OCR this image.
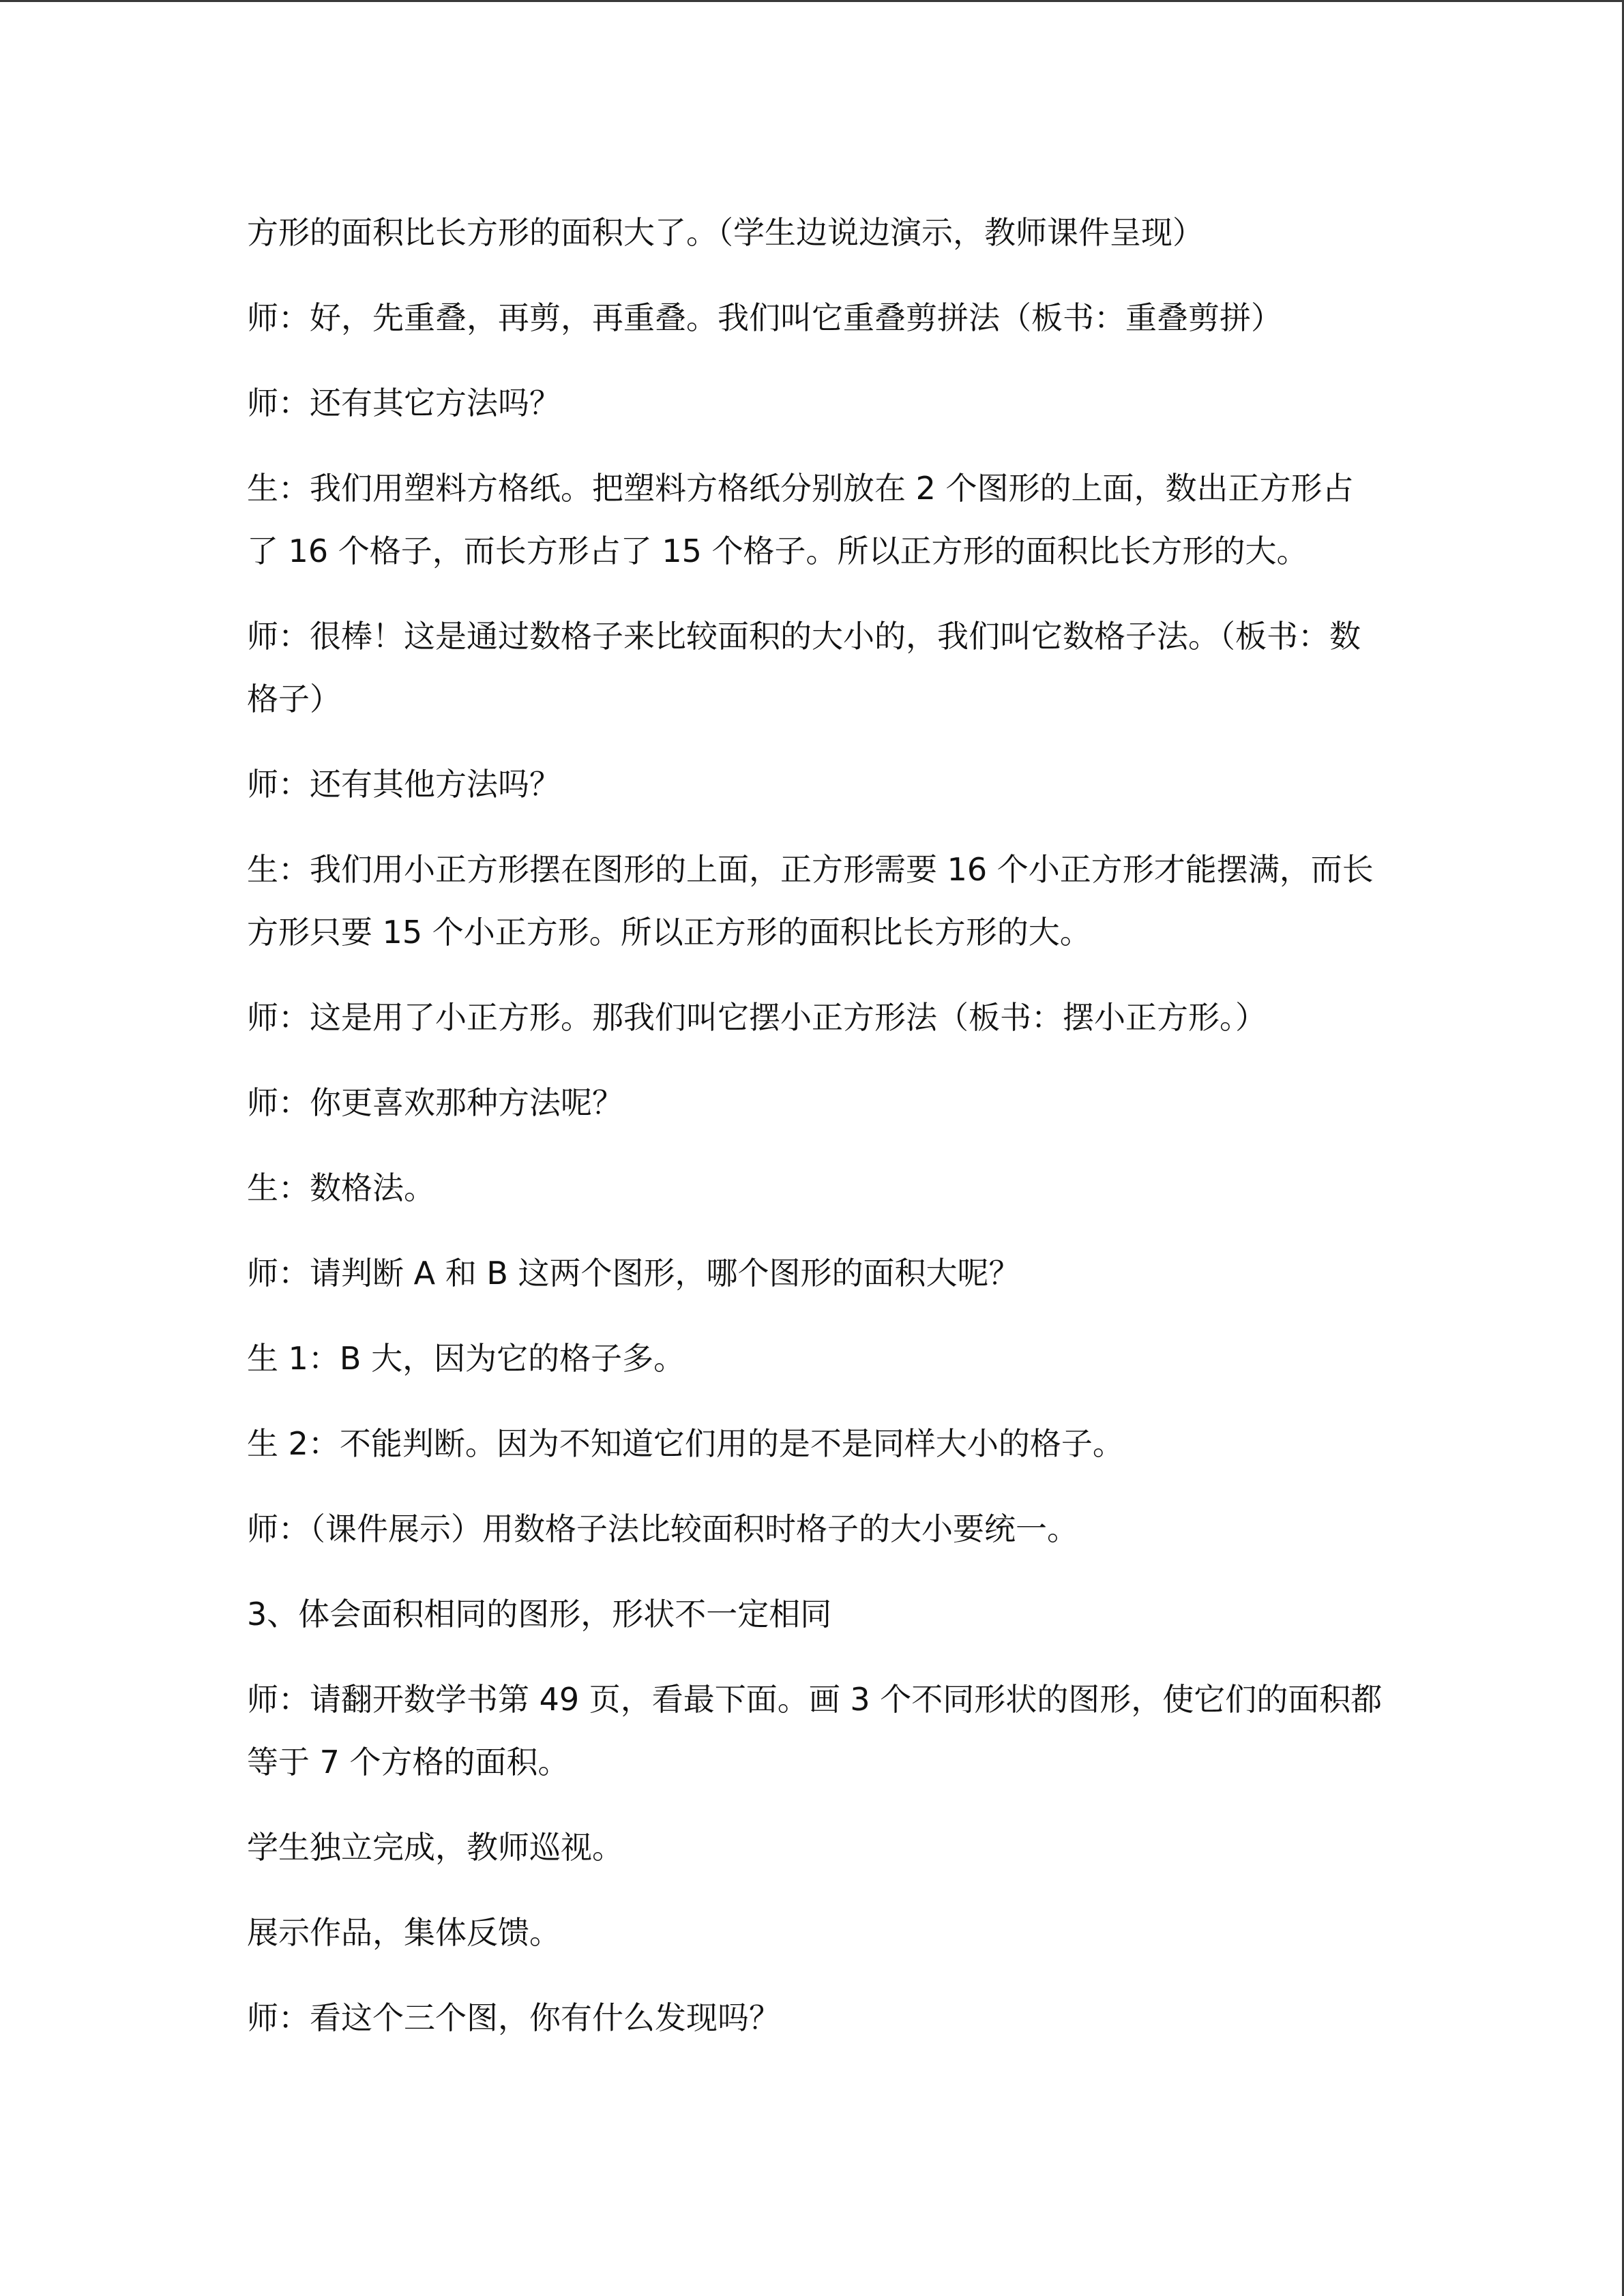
方形的面积比长方形的面积大了。（学生边说边演示，教师课件呈现）

师：好，先重叠，再剪，再重叠。我们叫它重叠剪拼法（板书：重叠剪拼）

师：还有其它方法吗？

生：我们用塑料方格纸。把塑料方格纸分别放在 2 个图形的上面，数出正方形占了 16 个格子，而长方形占了 15 个格子。所以正方形的面积比长方形的大。

师：很棒！这是通过数格子来比较面积的大小的，我们叫它数格子法。（板书：数格子）

师：还有其他方法吗？

生：我们用小正方形摆在图形的上面，正方形需要 16 个小正方形才能摆满，而长方形只要 15 个小正方形。所以正方形的面积比长方形的大。

师：这是用了小正方形。那我们叫它摆小正方形法（板书：摆小正方形。）

师：你更喜欢那种方法呢？

生：数格法。

师：请判断 A 和 B 这两个图形，哪个图形的面积大呢？

生 1：B 大，因为它的格子多。

生 2：不能判断。因为不知道它们用的是不是同样大小的格子。

师：（课件展示）用数格子法比较面积时格子的大小要统一。

3、体会面积相同的图形，形状不一定相同

师：请翻开数学书第 49 页，看最下面。画 3 个不同形状的图形，使它们的面积都等于 7 个方格的面积。

学生独立完成，教师巡视。

展示作品，集体反馈。

师：看这个三个图，你有什么发现吗？
